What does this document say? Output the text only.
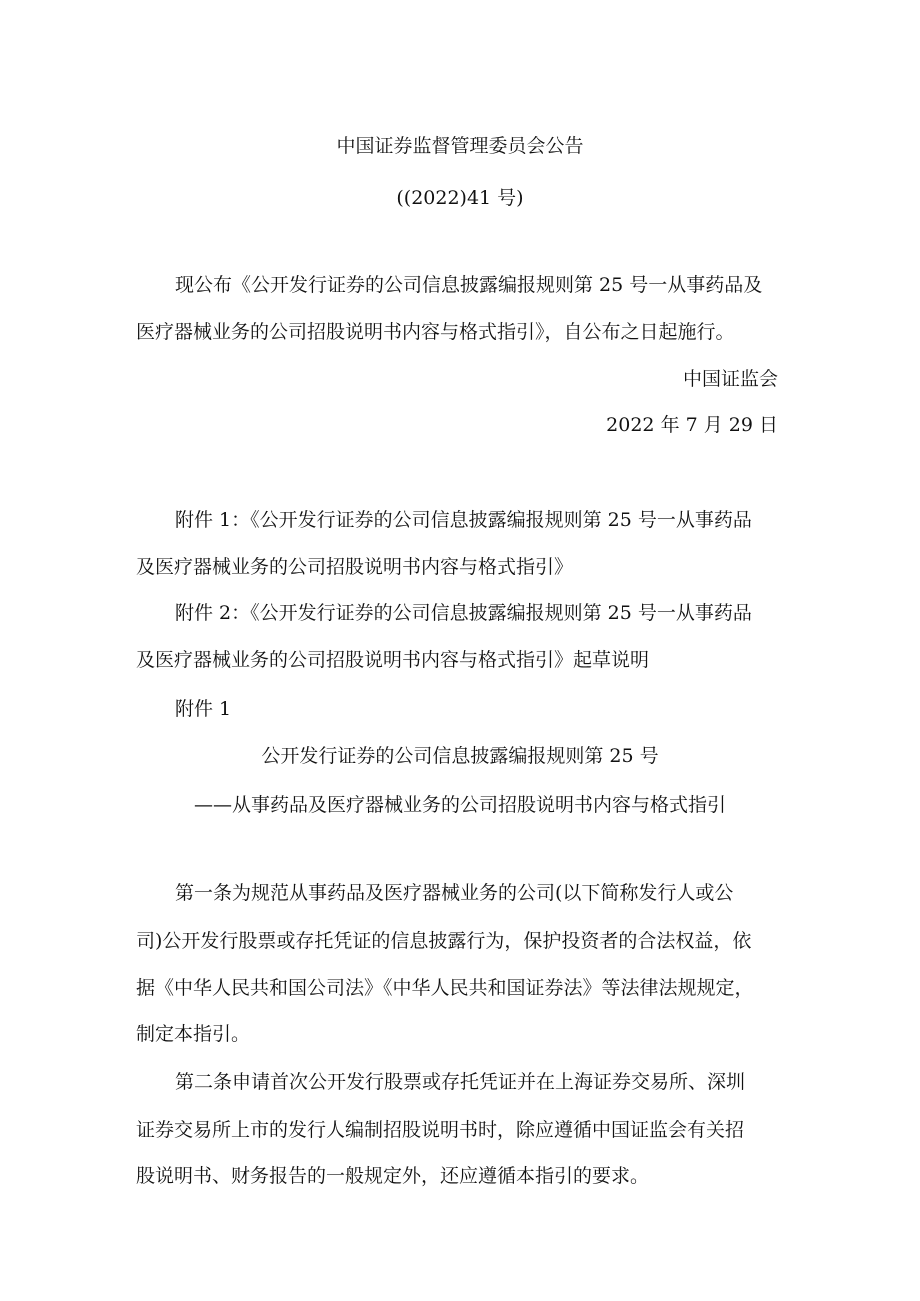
中国证券监督管理委员会公告

((2022)41 号)

现公布《公开发行证券的公司信息披露编报规则第 25 号一从事药品及

医疗器械业务的公司招股说明书内容与格式指引》，自公布之日起施行。

中国证监会

2022 年 7 月 29 日

附件 1：《公开发行证券的公司信息披露编报规则第 25 号一从事药品

及医疗器械业务的公司招股说明书内容与格式指引》

附件 2：《公开发行证券的公司信息披露编报规则第 25 号一从事药品

及医疗器械业务的公司招股说明书内容与格式指引》起草说明

附件 1

公开发行证券的公司信息披露编报规则第 25 号

——从事药品及医疗器械业务的公司招股说明书内容与格式指引

第一条为规范从事药品及医疗器械业务的公司(以下简称发行人或公

司)公开发行股票或存托凭证的信息披露行为，保护投资者的合法权益，依

据《中华人民共和国公司法》《中华人民共和国证券法》等法律法规规定，

制定本指引。

第二条申请首次公开发行股票或存托凭证并在上海证券交易所、深圳

证券交易所上市的发行人编制招股说明书时，除应遵循中国证监会有关招

股说明书、财务报告的一般规定外，还应遵循本指引的要求。
